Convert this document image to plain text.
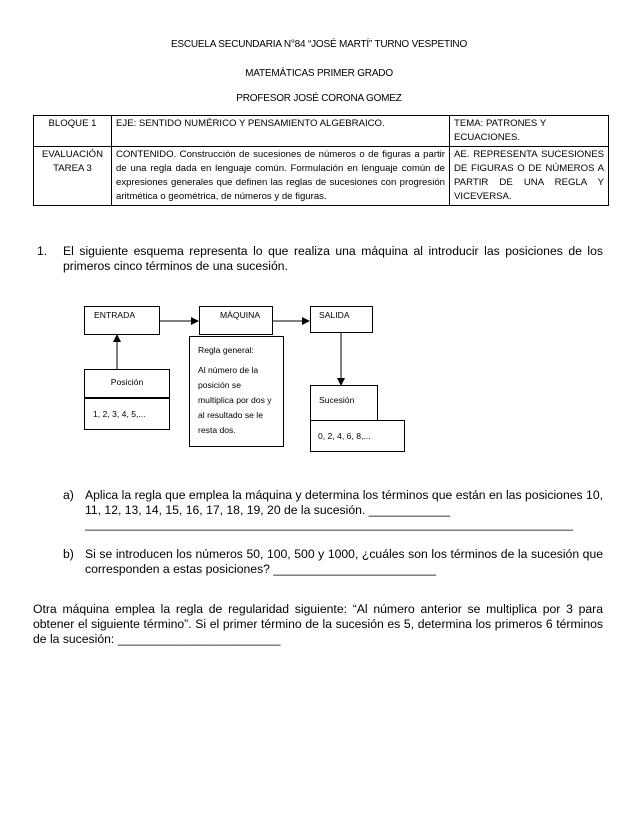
ESCUELA SECUNDARIA N°84 “JOSÉ MARTÍ” TURNO VESPETINO
MATEMÁTICAS PRIMER GRADO
PROFESOR JOSÉ CORONA GOMEZ
BLOQUE 1	EJE: SENTIDO NUMÉRICO Y PENSAMIENTO ALGEBRAICO.	TEMA: PATRONES Y ECUACIONES.
EVALUACIÓN TAREA 3	CONTENIDO. Construcción de sucesiones de números o de figuras a partir de una regla dada en lenguaje común. Formulación en lenguaje común de expresiones generales que definen las reglas de sucesiones con progresión aritmética o geométrica, de números y de figuras.	AE. REPRESENTA SUCESIONES DE FIGURAS O DE NÚMEROS A PARTIR DE UNA REGLA Y VICEVERSA.
1. El siguiente esquema representa lo que realiza una máquina al introducir las posiciones de los primeros cinco términos de una sucesión.
ENTRADA	MÁQUINA	SALIDA
Regla general:
Al número de la posición se multiplica por dos y al resultado se le resta dos.
Posición
1, 2, 3, 4, 5,...
Sucesión
0, 2, 4, 6, 8,...
a) Aplica la regla que emplea la máquina y determina los términos que están en las posiciones 10, 11, 12, 13, 14, 15, 16, 17, 18, 19, 20 de la sucesión. ____________
________________________________________________________________________
b) Si se introducen los números 50, 100, 500 y 1000, ¿cuáles son los términos de la sucesión que corresponden a estas posiciones? ________________________
Otra máquina emplea la regla de regularidad siguiente: “Al número anterior se multiplica por 3 para obtener el siguiente término”. Si el primer término de la sucesión es 5, determina los primeros 6 términos de la sucesión: ________________________
